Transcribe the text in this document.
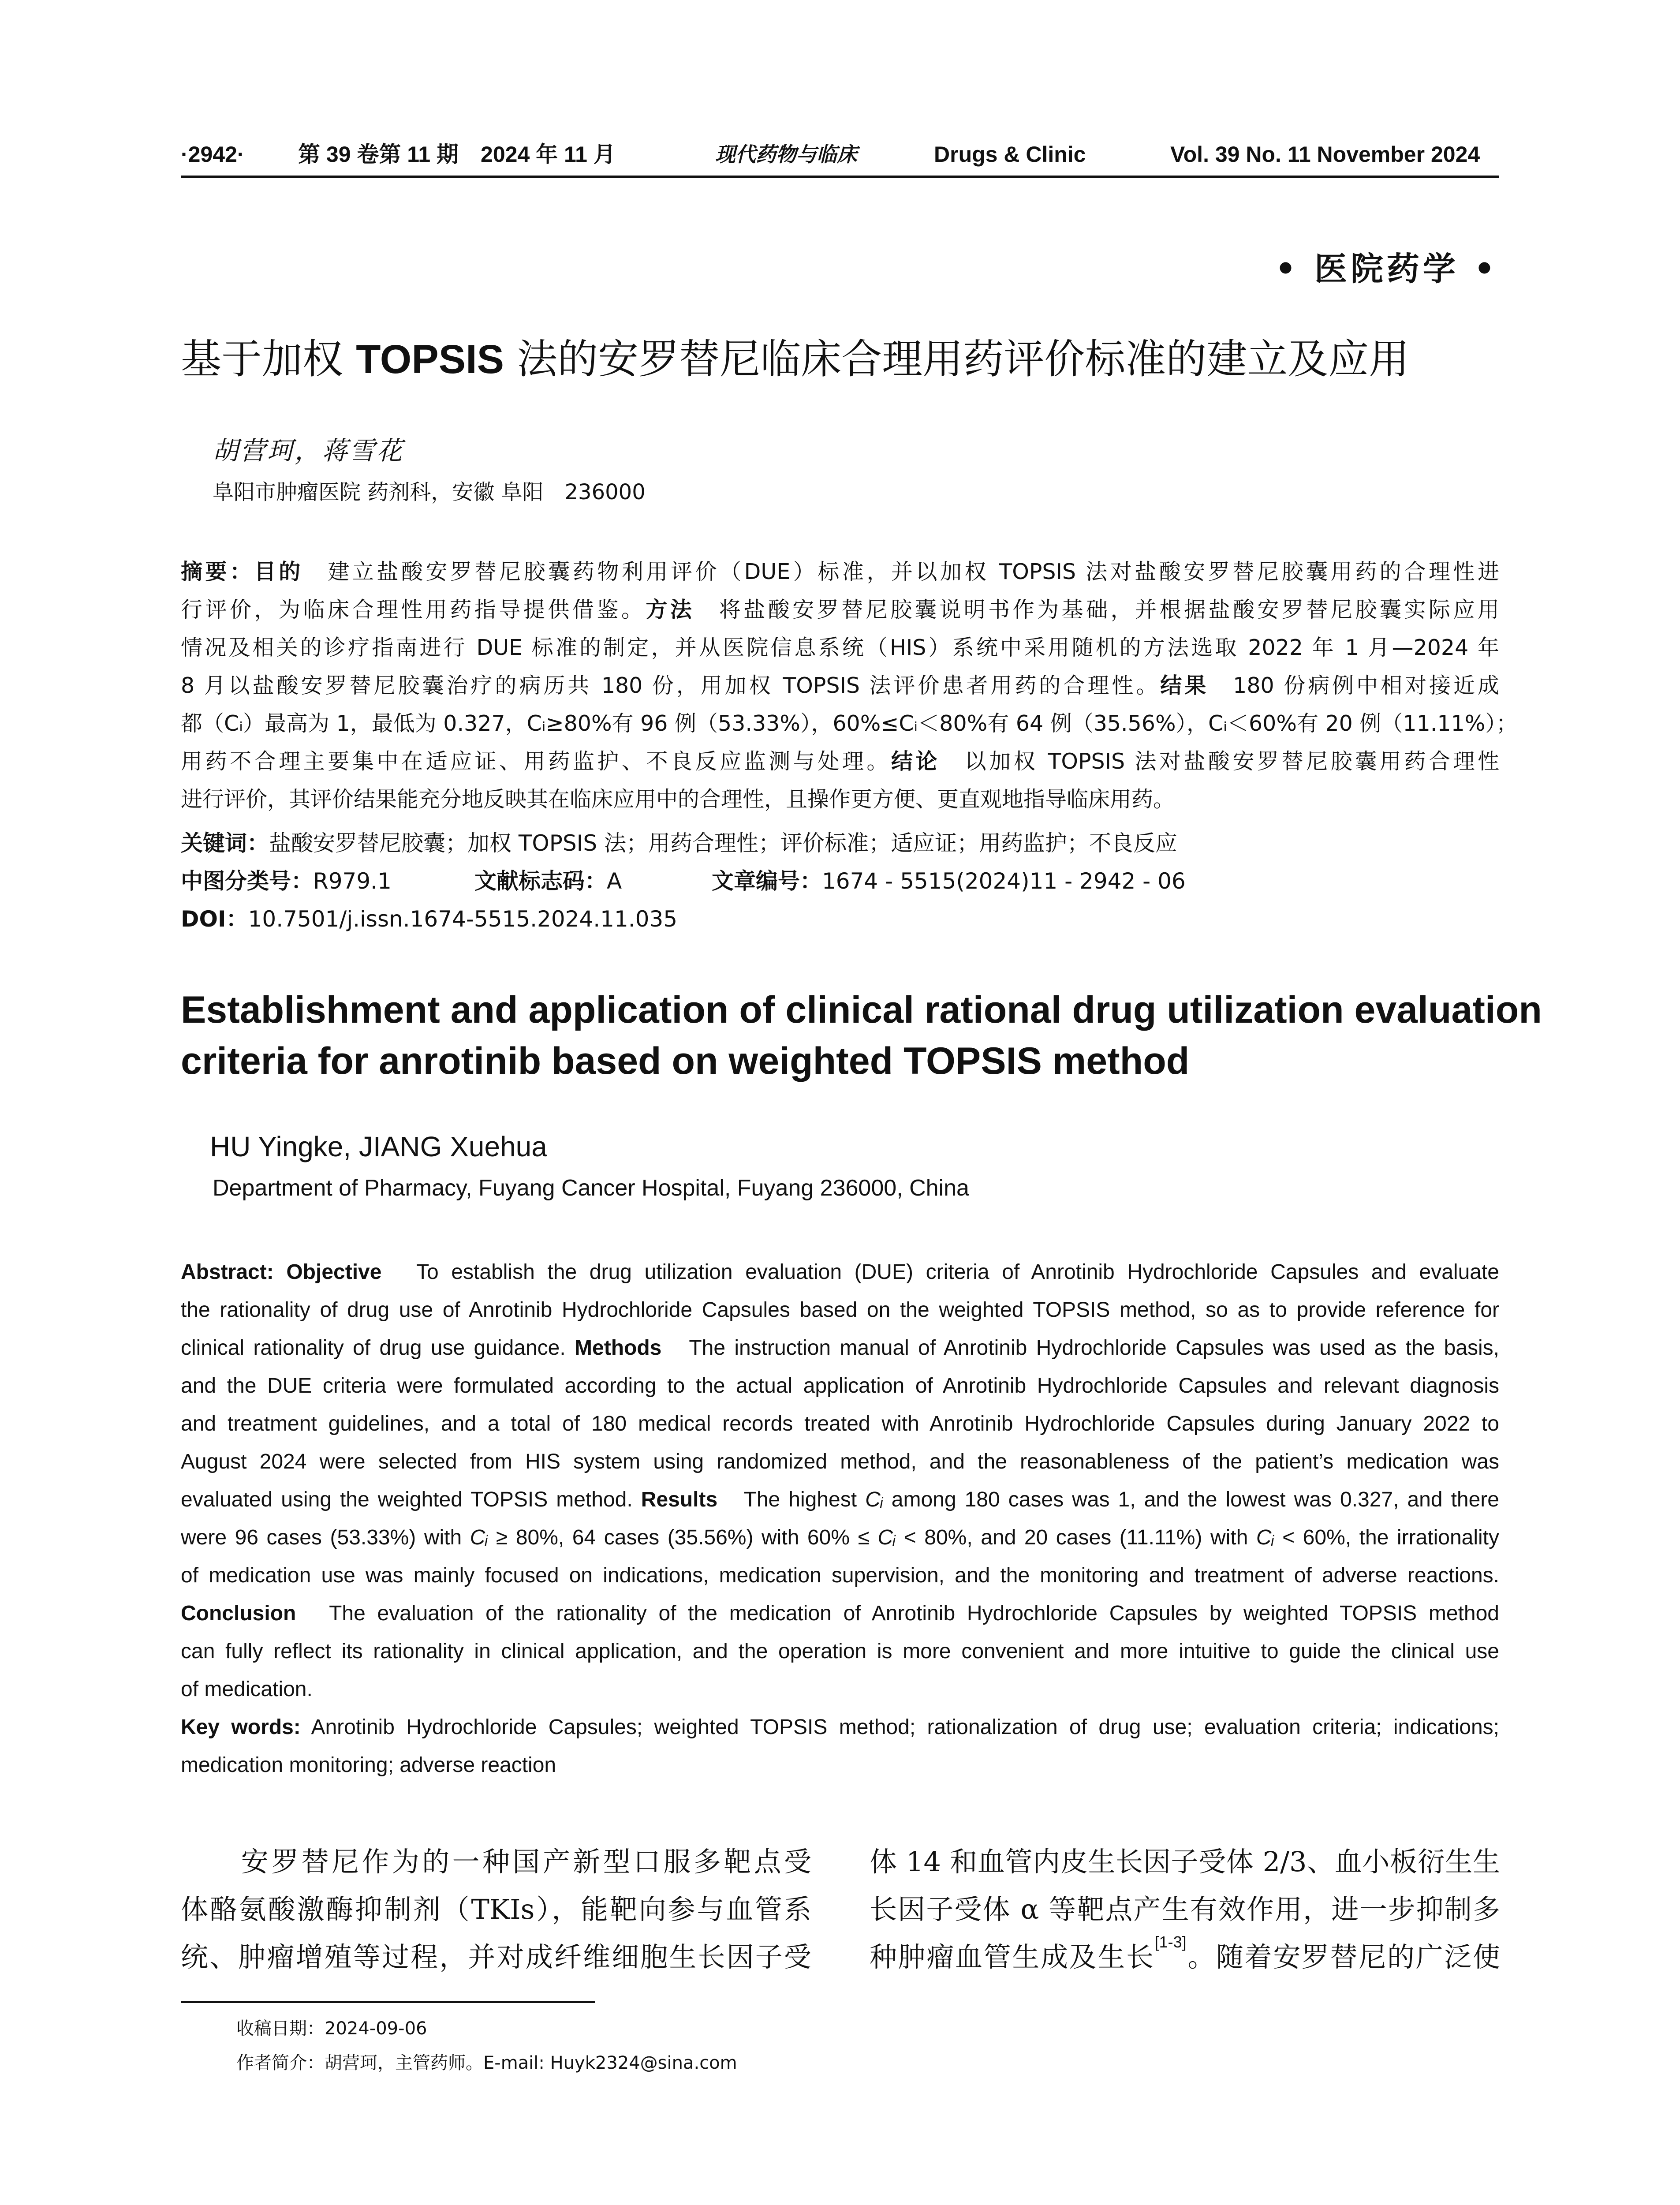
·2942· 第 39 卷第 11 期　2024 年 11 月	现代药物与临床	Drugs & Clinic	Vol. 39 No. 11 November 2024
• 医院药学 •
基于加权 TOPSIS 法的安罗替尼临床合理用药评价标准的建立及应用
胡营珂，蒋雪花
阜阳市肿瘤医院 药剂科，安徽 阜阳　236000
摘要：目的　建立盐酸安罗替尼胶囊药物利用评价（DUE）标准，并以加权 TOPSIS 法对盐酸安罗替尼胶囊用药的合理性进
行评价，为临床合理性用药指导提供借鉴。方法　将盐酸安罗替尼胶囊说明书作为基础，并根据盐酸安罗替尼胶囊实际应用
情况及相关的诊疗指南进行 DUE 标准的制定，并从医院信息系统（HIS）系统中采用随机的方法选取 2022 年 1 月—2024 年
8 月以盐酸安罗替尼胶囊治疗的病历共 180 份，用加权 TOPSIS 法评价患者用药的合理性。结果　180 份病例中相对接近成
都（Cᵢ）最高为 1，最低为 0.327，Cᵢ≥80%有 96 例（53.33%），60%≤Cᵢ＜80%有 64 例（35.56%），Cᵢ＜60%有 20 例（11.11%）；
用药不合理主要集中在适应证、用药监护、不良反应监测与处理。结论　以加权 TOPSIS 法对盐酸安罗替尼胶囊用药合理性
进行评价，其评价结果能充分地反映其在临床应用中的合理性，且操作更方便、更直观地指导临床用药。
关键词：盐酸安罗替尼胶囊；加权 TOPSIS 法；用药合理性；评价标准；适应证；用药监护；不良反应
中图分类号：R979.1	文献标志码：A	文章编号：1674 - 5515(2024)11 - 2942 - 06
DOI：10.7501/j.issn.1674-5515.2024.11.035
Establishment and application of clinical rational drug utilization evaluation
criteria for anrotinib based on weighted TOPSIS method
HU Yingke, JIANG Xuehua
Department of Pharmacy, Fuyang Cancer Hospital, Fuyang 236000, China
Abstract: Objective　To establish the drug utilization evaluation (DUE) criteria of Anrotinib Hydrochloride Capsules and evaluate
the rationality of drug use of Anrotinib Hydrochloride Capsules based on the weighted TOPSIS method, so as to provide reference for
clinical rationality of drug use guidance. Methods　The instruction manual of Anrotinib Hydrochloride Capsules was used as the basis,
and the DUE criteria were formulated according to the actual application of Anrotinib Hydrochloride Capsules and relevant diagnosis
and treatment guidelines, and a total of 180 medical records treated with Anrotinib Hydrochloride Capsules during January 2022 to
August 2024 were selected from HIS system using randomized method, and the reasonableness of the patient’s medication was
evaluated using the weighted TOPSIS method. Results　The highest Cᵢ among 180 cases was 1, and the lowest was 0.327, and there
were 96 cases (53.33%) with Cᵢ ≥ 80%, 64 cases (35.56%) with 60% ≤ Cᵢ < 80%, and 20 cases (11.11%) with Cᵢ < 60%, the irrationality
of medication use was mainly focused on indications, medication supervision, and the monitoring and treatment of adverse reactions.
Conclusion　The evaluation of the rationality of the medication of Anrotinib Hydrochloride Capsules by weighted TOPSIS method
can fully reflect its rationality in clinical application, and the operation is more convenient and more intuitive to guide the clinical use
of medication.
Key words: Anrotinib Hydrochloride Capsules; weighted TOPSIS method; rationalization of drug use; evaluation criteria; indications;
medication monitoring; adverse reaction
　　安罗替尼作为的一种国产新型口服多靶点受
体酪氨酸激酶抑制剂（TKIs），能靶向参与血管系
统、肿瘤增殖等过程，并对成纤维细胞生长因子受
体 14 和血管内皮生长因子受体 2/3、血小板衍生生
长因子受体 α 等靶点产生有效作用，进一步抑制多
种肿瘤血管生成及生长[1-3]。随着安罗替尼的广泛使
收稿日期：2024-09-06
作者简介：胡营珂，主管药师。E-mail: Huyk2324@sina.com
